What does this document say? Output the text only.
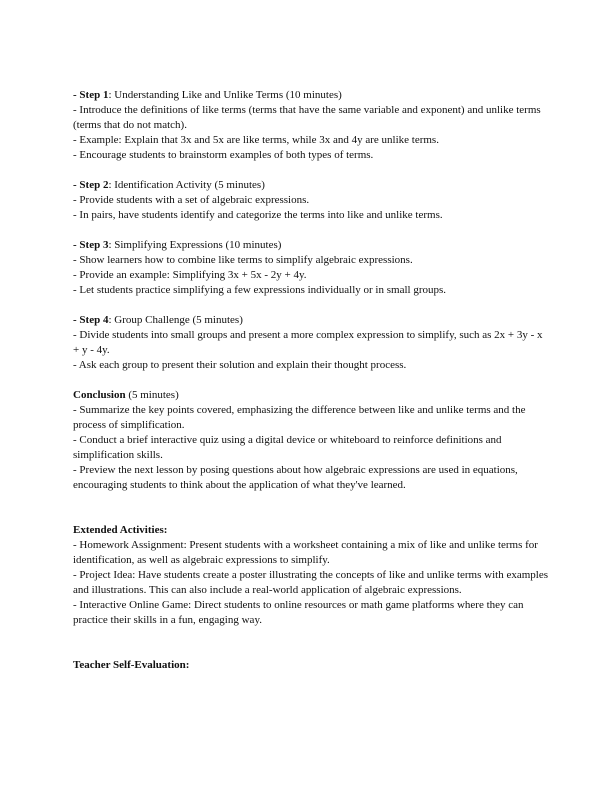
- Step 1: Understanding Like and Unlike Terms (10 minutes)

- Introduce the definitions of like terms (terms that have the same variable and exponent) and unlike terms (terms that do not match).

- Example: Explain that 3x and 5x are like terms, while 3x and 4y are unlike terms.

- Encourage students to brainstorm examples of both types of terms.

- Step 2: Identification Activity (5 minutes)

- Provide students with a set of algebraic expressions.

- In pairs, have students identify and categorize the terms into like and unlike terms.

- Step 3: Simplifying Expressions (10 minutes)

- Show learners how to combine like terms to simplify algebraic expressions.

- Provide an example: Simplifying 3x + 5x - 2y + 4y.

- Let students practice simplifying a few expressions individually or in small groups.

- Step 4: Group Challenge (5 minutes)

- Divide students into small groups and present a more complex expression to simplify, such as 2x + 3y - x + y - 4y.

- Ask each group to present their solution and explain their thought process.

Conclusion (5 minutes)

- Summarize the key points covered, emphasizing the difference between like and unlike terms and the process of simplification.

- Conduct a brief interactive quiz using a digital device or whiteboard to reinforce definitions and simplification skills.

- Preview the next lesson by posing questions about how algebraic expressions are used in equations, encouraging students to think about the application of what they've learned.

Extended Activities:

- Homework Assignment: Present students with a worksheet containing a mix of like and unlike terms for identification, as well as algebraic expressions to simplify.

- Project Idea: Have students create a poster illustrating the concepts of like and unlike terms with examples and illustrations. This can also include a real-world application of algebraic expressions.

- Interactive Online Game: Direct students to online resources or math game platforms where they can practice their skills in a fun, engaging way.

Teacher Self-Evaluation:
